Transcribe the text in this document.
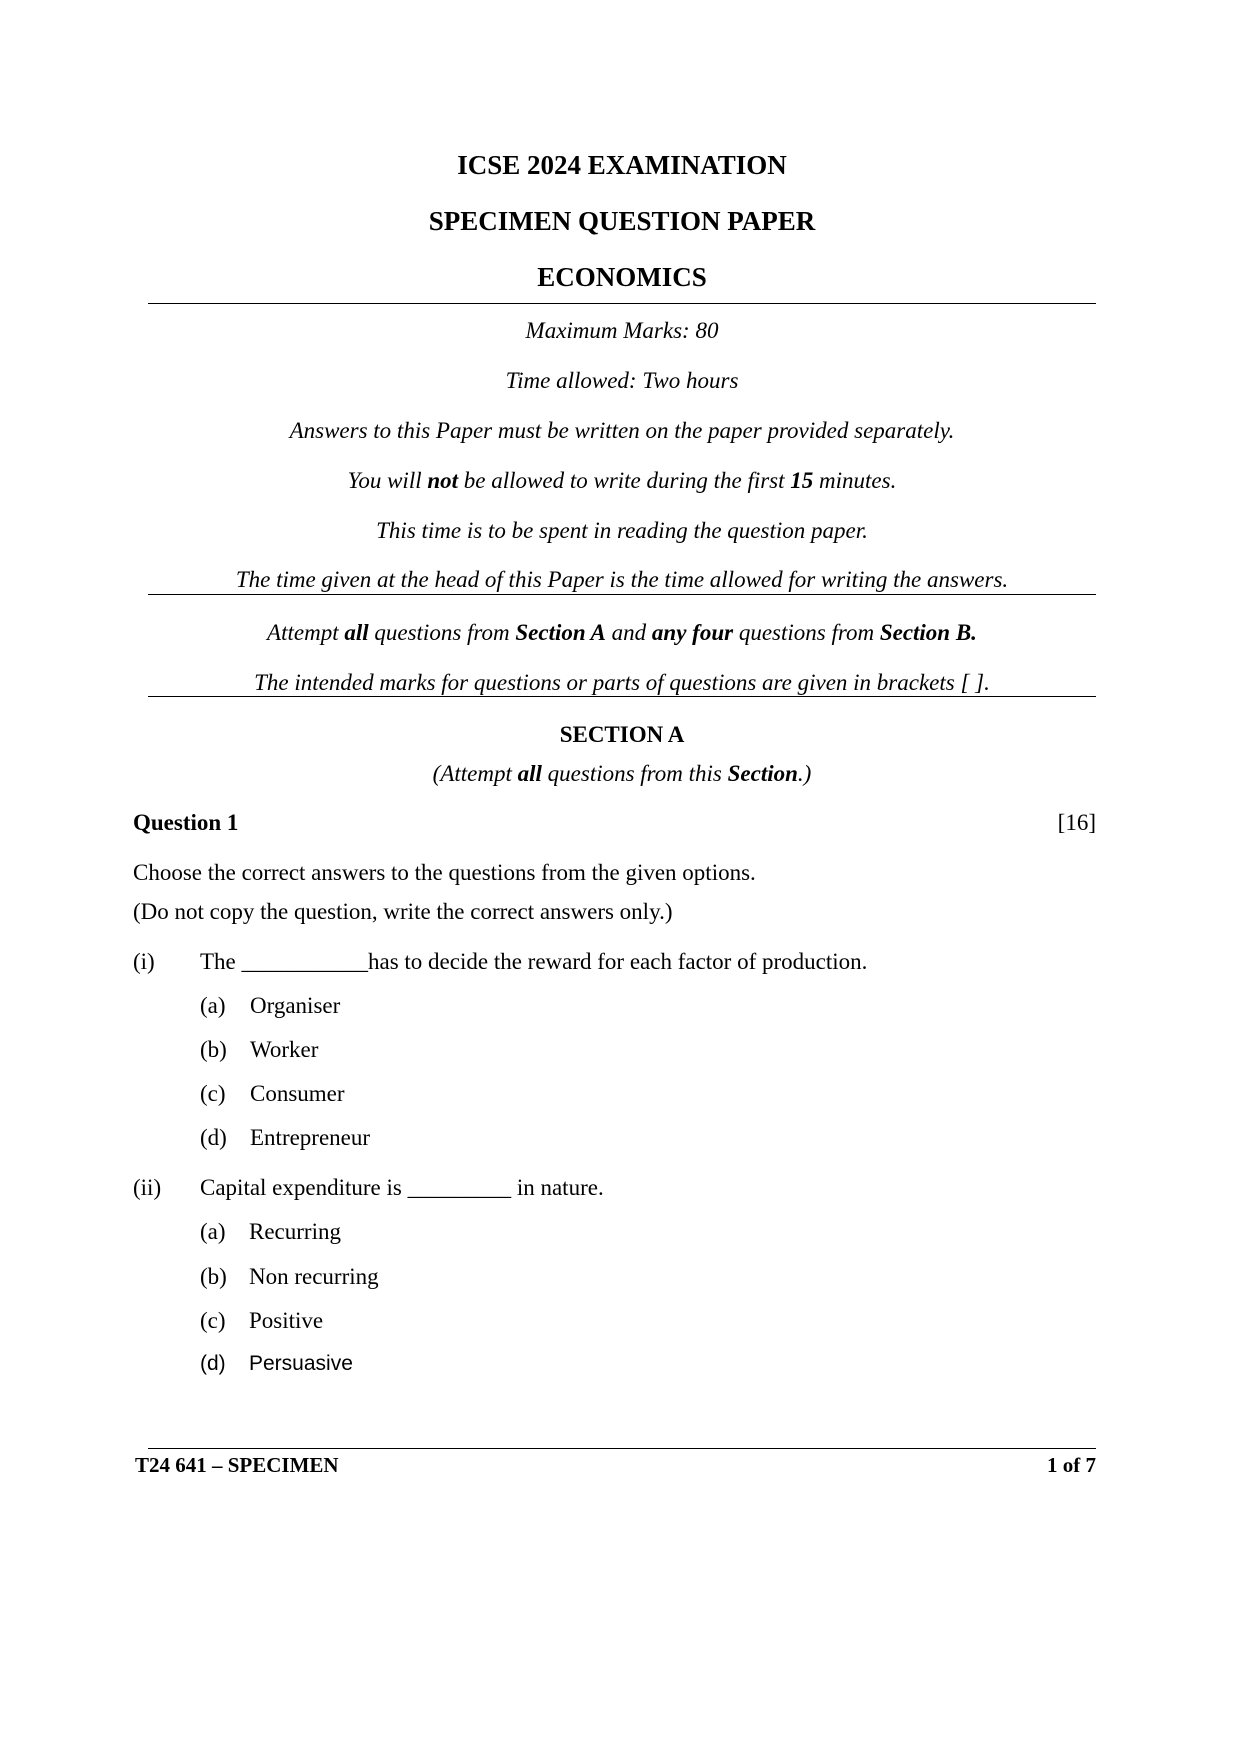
ICSE 2024 EXAMINATION
SPECIMEN QUESTION PAPER
ECONOMICS
Maximum Marks: 80
Time allowed: Two hours
Answers to this Paper must be written on the paper provided separately.
You will not be allowed to write during the first 15 minutes.
This time is to be spent in reading the question paper.
The time given at the head of this Paper is the time allowed for writing the answers.
Attempt all questions from Section A and any four questions from Section B.
The intended marks for questions or parts of questions are given in brackets [ ].
SECTION A
(Attempt all questions from this Section.)
Question 1	[16]
Choose the correct answers to the questions from the given options.
(Do not copy the question, write the correct answers only.)
(i) The ___________has to decide the reward for each factor of production.
(a) Organiser
(b) Worker
(c) Consumer
(d) Entrepreneur
(ii) Capital expenditure is _________ in nature.
(a) Recurring
(b) Non recurring
(c) Positive
(d) Persuasive
T24 641 – SPECIMEN	1 of 7
